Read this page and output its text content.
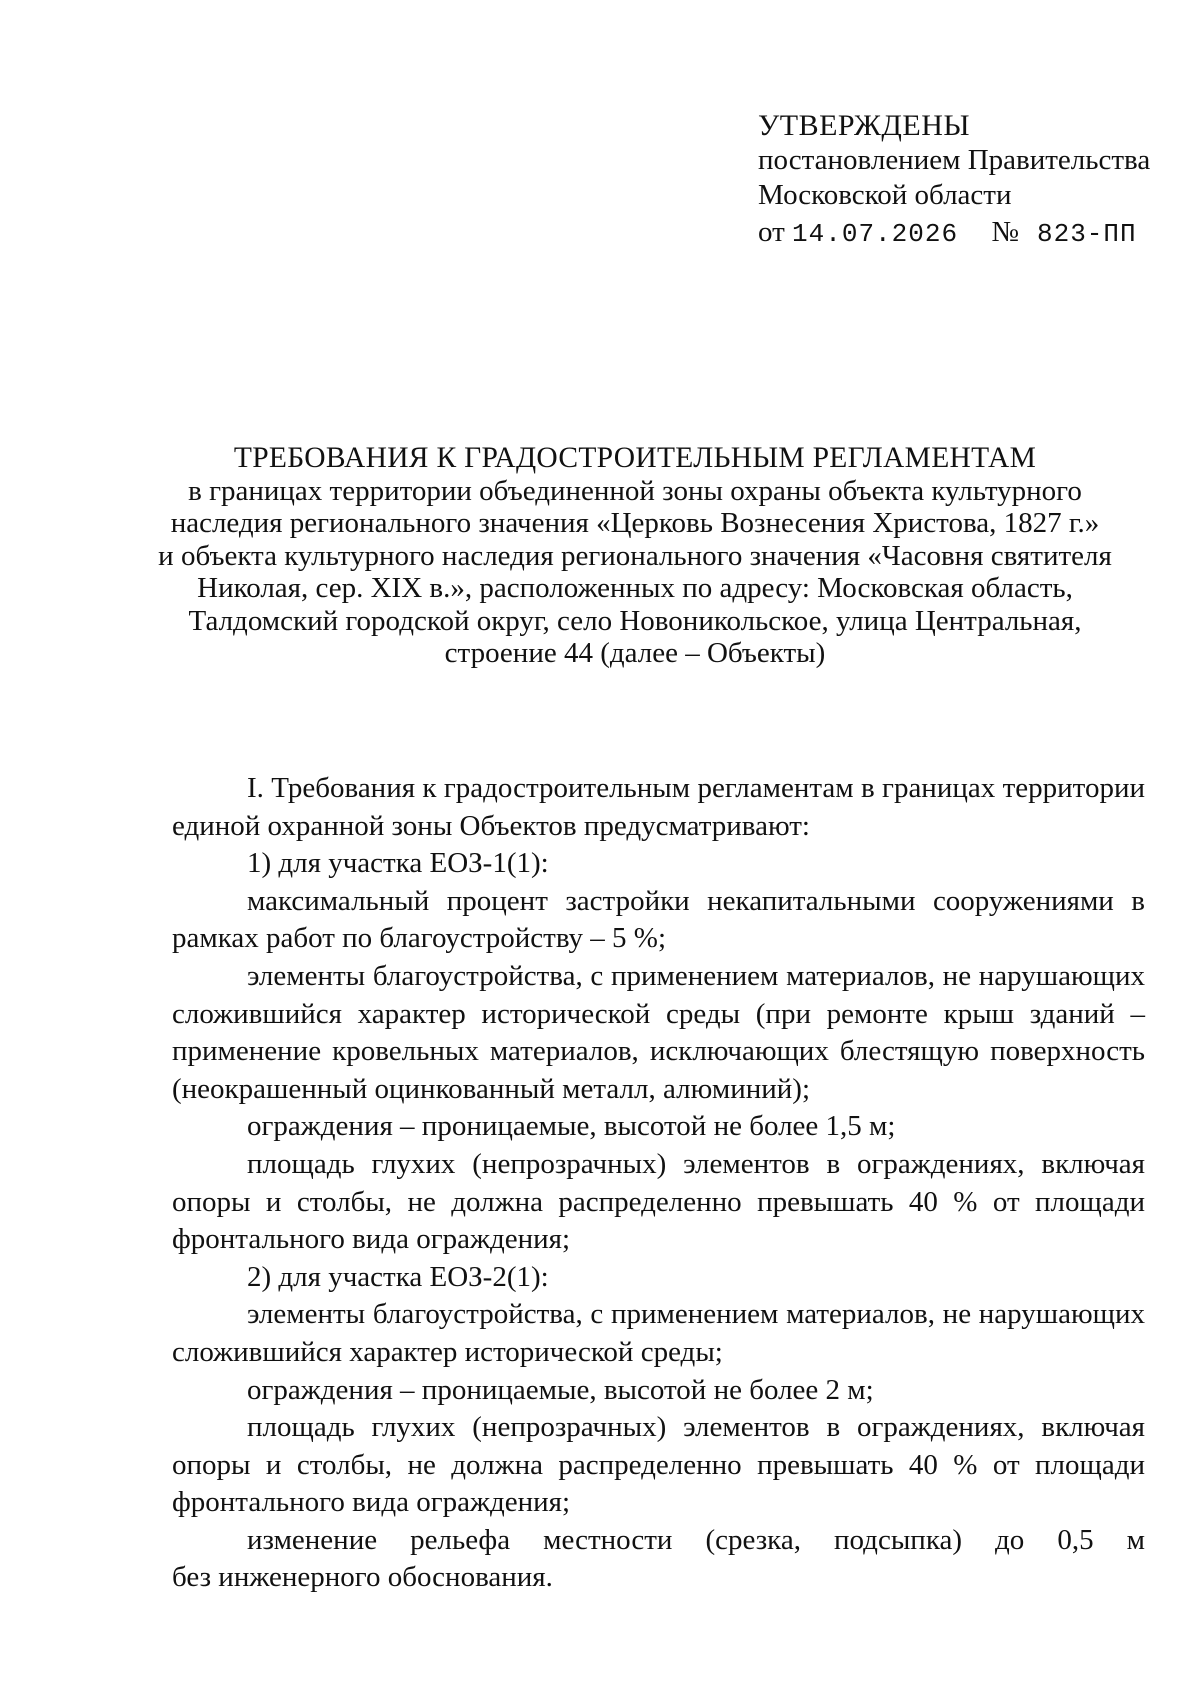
УТВЕРЖДЕНЫ
постановлением Правительства
Московской области
от 14.07.2026 № 823-ПП
ТРЕБОВАНИЯ К ГРАДОСТРОИТЕЛЬНЫМ РЕГЛАМЕНТАМ
в границах территории объединенной зоны охраны объекта культурного
наследия регионального значения «Церковь Вознесения Христова, 1827 г.»
и объекта культурного наследия регионального значения «Часовня святителя
Николая, сер. XIX в.», расположенных по адресу: Московская область,
Талдомский городской округ, село Новоникольское, улица Центральная,
строение 44 (далее – Объекты)

I. Требования к градостроительным регламентам в границах территории единой охранной зоны Объектов предусматривают:

1) для участка ЕОЗ-1(1):

максимальный процент застройки некапитальными сооружениями в рамках работ по благоустройству – 5 %;

элементы благоустройства, с применением материалов, не нарушающих сложившийся характер исторической среды (при ремонте крыш зданий – применение кровельных материалов, исключающих блестящую поверхность (неокрашенный оцинкованный металл, алюминий);

ограждения – проницаемые, высотой не более 1,5 м;

площадь глухих (непрозрачных) элементов в ограждениях, включая опоры и столбы, не должна распределенно превышать 40 % от площади фронтального вида ограждения;

2) для участка ЕОЗ-2(1):

элементы благоустройства, с применением материалов, не нарушающих сложившийся характер исторической среды;

ограждения – проницаемые, высотой не более 2 м;

площадь глухих (непрозрачных) элементов в ограждениях, включая опоры и столбы, не должна распределенно превышать 40 % от площади фронтального вида ограждения;

изменение рельефа местности (срезка, подсыпка) до 0,5 м

без инженерного обоснования.
